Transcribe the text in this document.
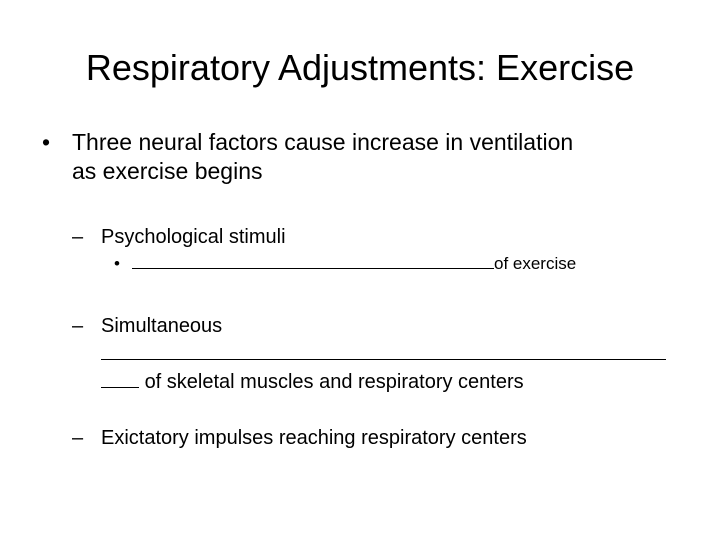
Respiratory Adjustments: Exercise
• Three neural factors cause increase in ventilation
as exercise begins
– Psychological stimuli
•	of exercise
– Simultaneous
of skeletal muscles and respiratory centers
– Exictatory impulses reaching respiratory centers
